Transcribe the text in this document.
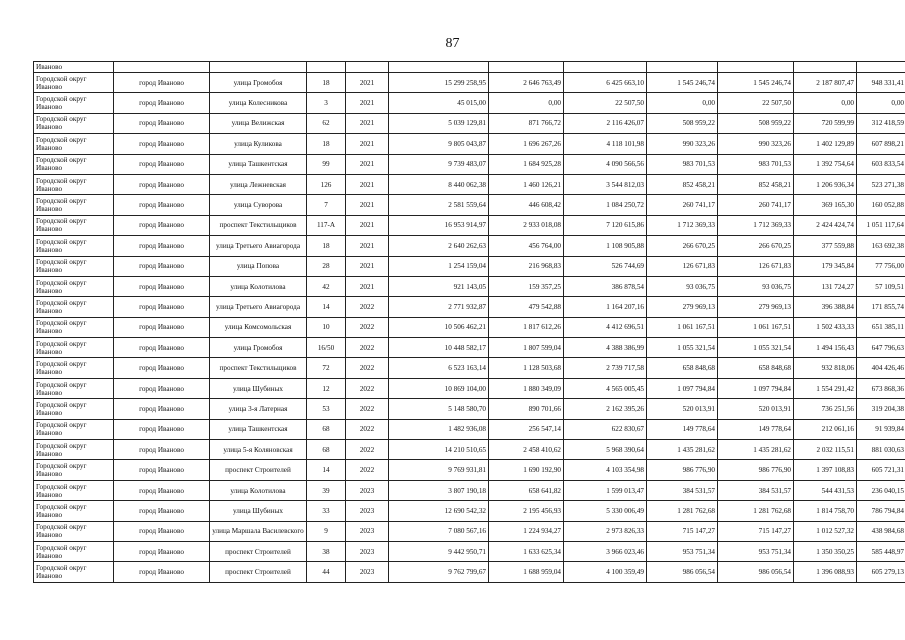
87
Иваново											
Городской округ Иваново	город Иваново	улица Громобоя	18	2021	15 299 258,95	2 646 763,49	6 425 663,10	1 545 246,74	1 545 246,74	2 187 807,47	948 331,41
Городской округ Иваново	город Иваново	улица Колесникова	3	2021	45 015,00	0,00	22 507,50	0,00	22 507,50	0,00	0,00
Городской округ Иваново	город Иваново	улица Велижская	62	2021	5 039 129,81	871 766,72	2 116 426,07	508 959,22	508 959,22	720 599,99	312 418,59
Городской округ Иваново	город Иваново	улица Куликова	18	2021	9 805 043,87	1 696 267,26	4 118 101,98	990 323,26	990 323,26	1 402 129,89	607 898,21
Городской округ Иваново	город Иваново	улица Ташкентская	99	2021	9 739 483,07	1 684 925,28	4 090 566,56	983 701,53	983 701,53	1 392 754,64	603 833,54
Городской округ Иваново	город Иваново	улица Лежневская	126	2021	8 440 062,38	1 460 126,21	3 544 812,03	852 458,21	852 458,21	1 206 936,34	523 271,38
Городской округ Иваново	город Иваново	улица Суворова	7	2021	2 581 559,64	446 608,42	1 084 250,72	260 741,17	260 741,17	369 165,30	160 052,88
Городской округ Иваново	город Иваново	проспект Текстильщиков	117-А	2021	16 953 914,97	2 933 018,08	7 120 615,86	1 712 369,33	1 712 369,33	2 424 424,74	1 051 117,64
Городской округ Иваново	город Иваново	улица Третьего Авиагорода	18	2021	2 640 262,63	456 764,00	1 108 905,88	266 670,25	266 670,25	377 559,88	163 692,38
Городской округ Иваново	город Иваново	улица Попова	28	2021	1 254 159,04	216 968,83	526 744,69	126 671,83	126 671,83	179 345,84	77 756,00
Городской округ Иваново	город Иваново	улица Колотилова	42	2021	921 143,05	159 357,25	386 878,54	93 036,75	93 036,75	131 724,27	57 109,51
Городской округ Иваново	город Иваново	улица Третьего Авиагорода	14	2022	2 771 932,87	479 542,88	1 164 207,16	279 969,13	279 969,13	396 388,84	171 855,74
Городской округ Иваново	город Иваново	улица Комсомольская	10	2022	10 506 462,21	1 817 612,26	4 412 696,51	1 061 167,51	1 061 167,51	1 502 433,33	651 385,11
Городской округ Иваново	город Иваново	улица Громобоя	16/50	2022	10 448 582,17	1 807 599,04	4 388 386,99	1 055 321,54	1 055 321,54	1 494 156,43	647 796,63
Городской округ Иваново	город Иваново	проспект Текстильщиков	72	2022	6 523 163,14	1 128 503,68	2 739 717,58	658 848,68	658 848,68	932 818,06	404 426,46
Городской округ Иваново	город Иваново	улица Шубиных	12	2022	10 869 104,00	1 880 349,09	4 565 005,45	1 097 794,84	1 097 794,84	1 554 291,42	673 868,36
Городской округ Иваново	город Иваново	улица 3-я Латерная	53	2022	5 148 580,70	890 701,66	2 162 395,26	520 013,91	520 013,91	736 251,56	319 204,38
Городской округ Иваново	город Иваново	улица Ташкентская	68	2022	1 482 936,08	256 547,14	622 830,67	149 778,64	149 778,64	212 061,16	91 939,84
Городской округ Иваново	город Иваново	улица 5-я Коляновская	68	2022	14 210 510,65	2 458 410,62	5 968 390,64	1 435 281,62	1 435 281,62	2 032 115,51	881 030,63
Городской округ Иваново	город Иваново	проспект Строителей	14	2022	9 769 931,81	1 690 192,90	4 103 354,98	986 776,90	986 776,90	1 397 108,83	605 721,31
Городской округ Иваново	город Иваново	улица Колотилова	39	2023	3 807 190,18	658 641,82	1 599 013,47	384 531,57	384 531,57	544 431,53	236 040,15
Городской округ Иваново	город Иваново	улица Шубиных	33	2023	12 690 542,32	2 195 456,93	5 330 006,49	1 281 762,68	1 281 762,68	1 814 758,70	786 794,84
Городской округ Иваново	город Иваново	улица Маршала Василевского	9	2023	7 080 567,16	1 224 934,27	2 973 826,33	715 147,27	715 147,27	1 012 527,32	438 984,68
Городской округ Иваново	город Иваново	проспект Строителей	38	2023	9 442 950,71	1 633 625,34	3 966 023,46	953 751,34	953 751,34	1 350 350,25	585 448,97
Городской округ Иваново	город Иваново	проспект Строителей	44	2023	9 762 799,67	1 688 959,04	4 100 359,49	986 056,54	986 056,54	1 396 088,93	605 279,13
